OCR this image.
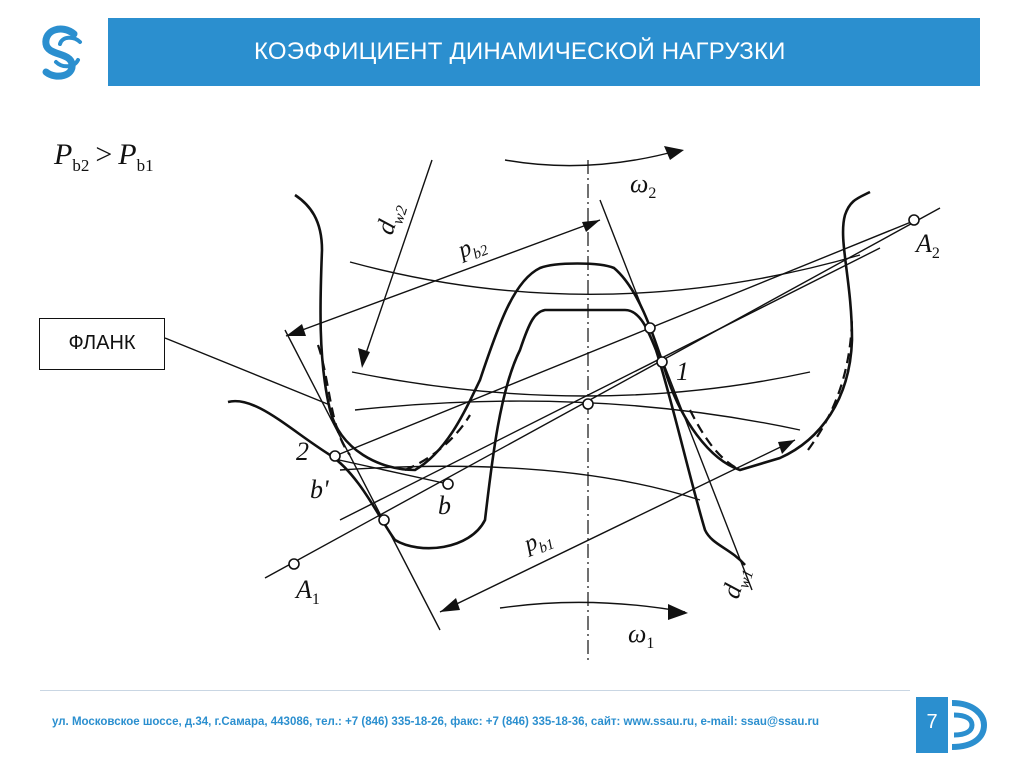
КОЭФФИЦИЕНТ ДИНАМИЧЕСКОЙ НАГРУЗКИ
$P_{b2} > P_{b1}$
$\omega_2$
$\omega_1$
$d_{w2}$
$d_{w1}$
$p_{b2}$
$p_{b1}$
1
2
b'
b
$A_1$
$A_2$
ФЛАНК
ул. Московское шоссе, д.34, г.Самара, 443086, тел.: +7 (846) 335-18-26, факс: +7 (846) 335-18-36, сайт: www.ssau.ru, e-mail: ssau@ssau.ru	7
